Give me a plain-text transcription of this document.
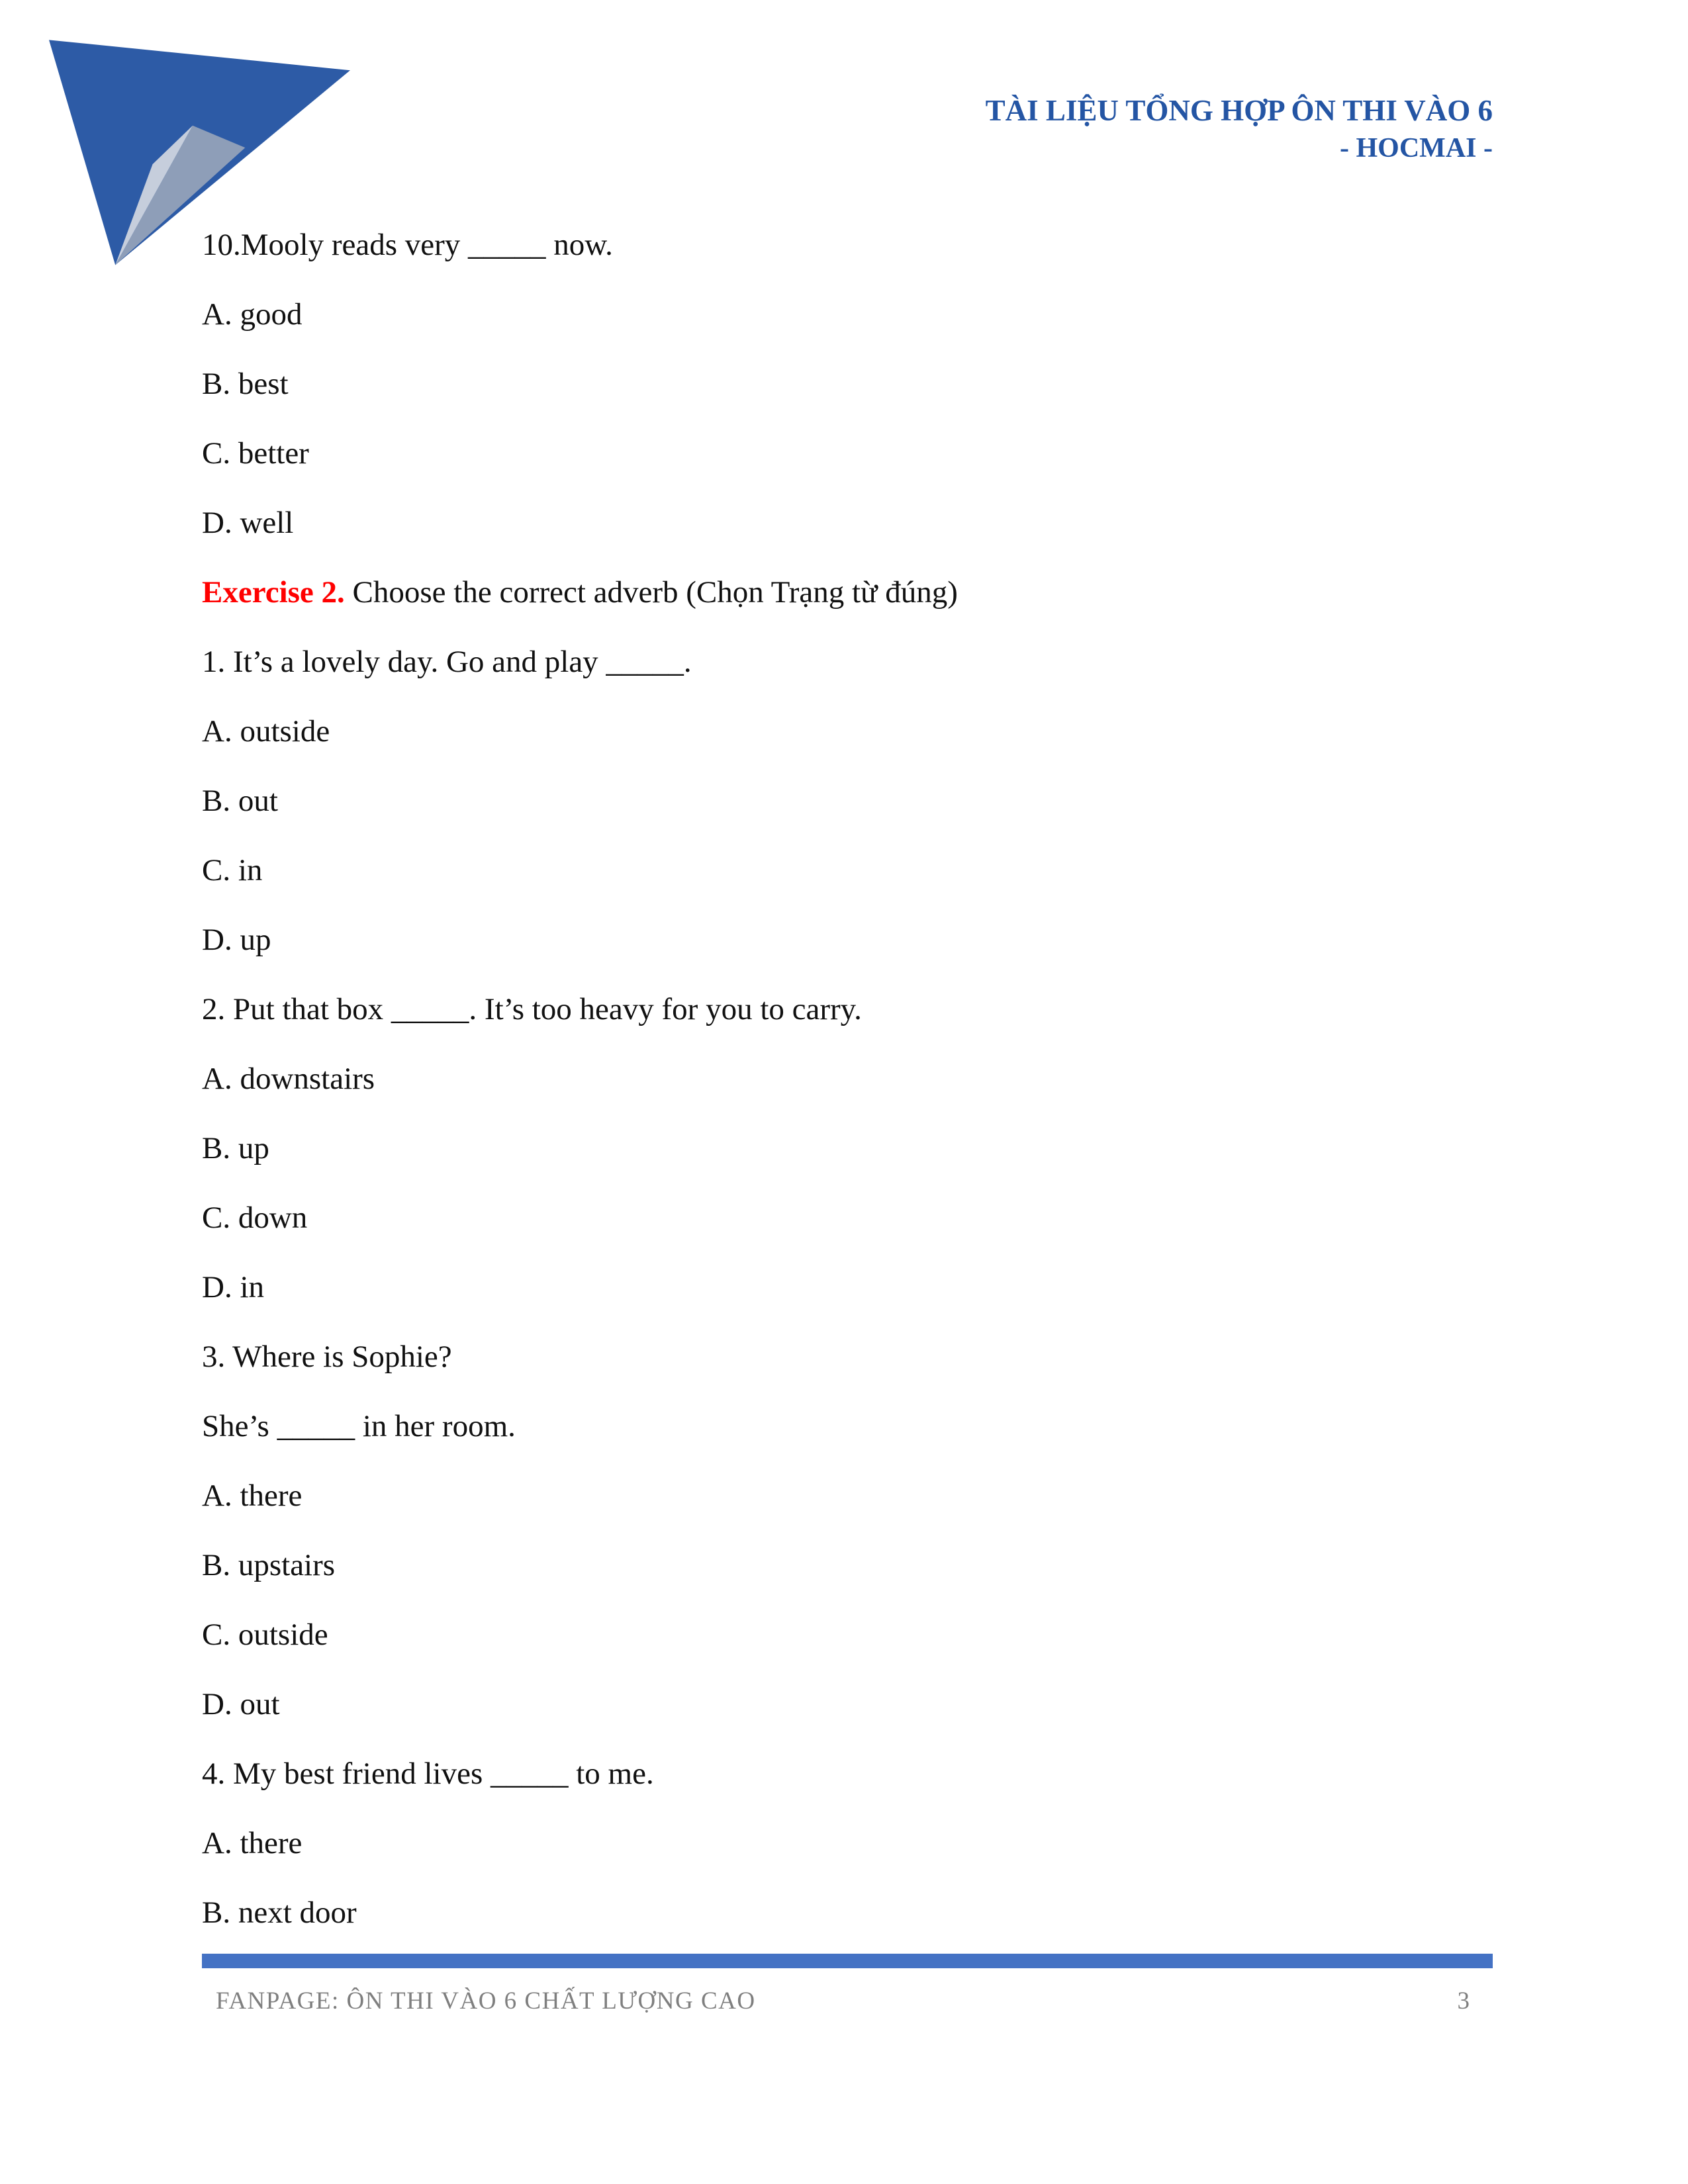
TÀI LIỆU TỔNG HỢP ÔN THI VÀO 6
- HOCMAI -

10.Mooly reads very _____ now.

A. good

B. best

C. better

D. well

Exercise 2. Choose the correct adverb (Chọn Trạng từ đúng)

1. It’s a lovely day. Go and play _____.

A. outside

B. out

C. in

D. up

2. Put that box _____. It’s too heavy for you to carry.

A. downstairs

B. up

C. down

D. in

3. Where is Sophie?

She’s _____ in her room.

A. there

B. upstairs

C. outside

D. out

4. My best friend lives _____ to me.

A. there

B. next door

FANPAGE: ÔN THI VÀO 6 CHẤT LƯỢNG CAO	3
